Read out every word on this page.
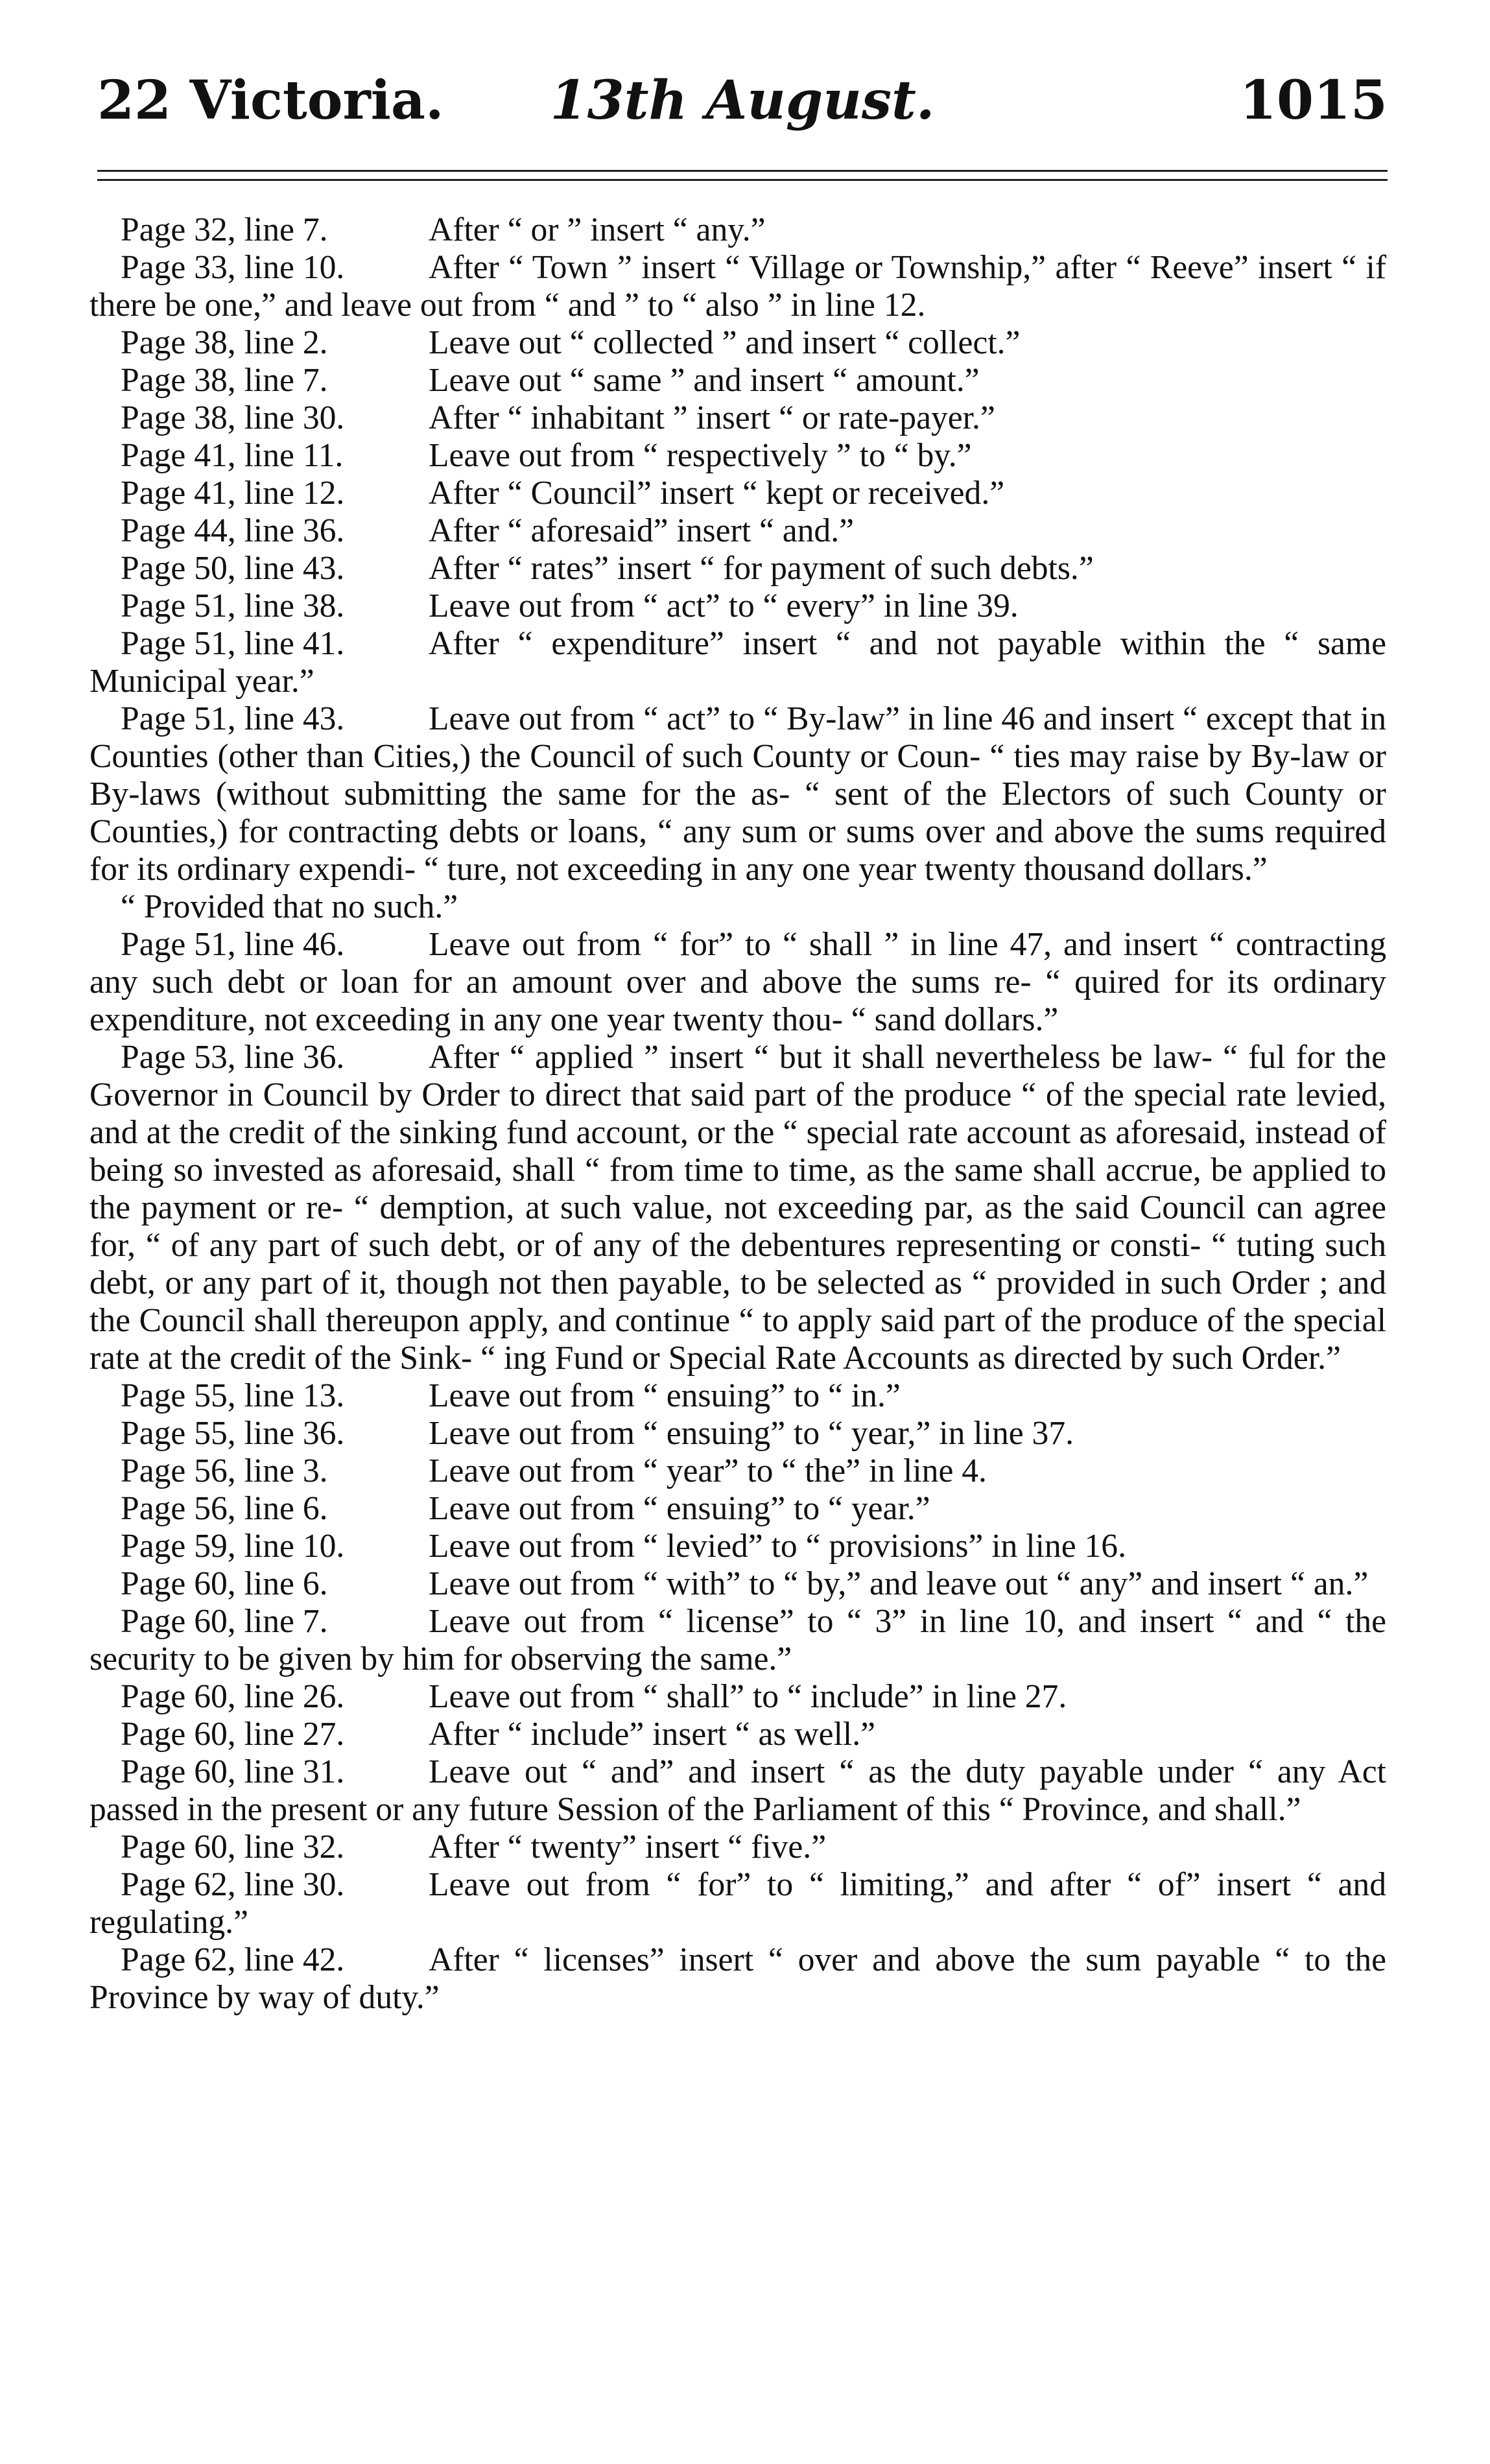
13th August.
22 Victoria.	1015

Page 32, line 7.	After “ or ” insert “ any.”

Page 33, line 10.	After “ Town ” insert “ Village or Township,” after “ Reeve” insert “ if there be one,” and leave out from “ and ” to “ also ” in line 12.

Page 38, line 2.	Leave out “ collected ” and insert “ collect.”

Page 38, line 7.	Leave out “ same ” and insert “ amount.”

Page 38, line 30.	After “ inhabitant ” insert “ or rate-payer.”

Page 41, line 11.	Leave out from “ respectively ” to “ by.”

Page 41, line 12.	After “ Council” insert “ kept or received.”

Page 44, line 36.	After “ aforesaid” insert “ and.”

Page 50, line 43.	After “ rates” insert “ for payment of such debts.”

Page 51, line 38.	Leave out from “ act” to “ every” in line 39.

Page 51, line 41.	After “ expenditure” insert “ and not payable within the “ same Municipal year.”

Page 51, line 43.	Leave out from “ act” to “ By-law” in line 46 and insert “ except that in Counties (other than Cities,) the Council of such County or Coun- “ ties may raise by By-law or By-laws (without submitting the same for the as- “ sent of the Electors of such County or Counties,) for contracting debts or loans, “ any sum or sums over and above the sums required for its ordinary expendi- “ ture, not exceeding in any one year twenty thousand dollars.”

“ Provided that no such.”

Page 51, line 46.	Leave out from “ for” to “ shall ” in line 47, and insert “ contracting any such debt or loan for an amount over and above the sums re- “ quired for its ordinary expenditure, not exceeding in any one year twenty thou- “ sand dollars.”

Page 53, line 36.	After “ applied ” insert “ but it shall nevertheless be law- “ ful for the Governor in Council by Order to direct that said part of the produce “ of the special rate levied, and at the credit of the sinking fund account, or the “ special rate account as aforesaid, instead of being so invested as aforesaid, shall “ from time to time, as the same shall accrue, be applied to the payment or re- “ demption, at such value, not exceeding par, as the said Council can agree for, “ of any part of such debt, or of any of the debentures representing or consti- “ tuting such debt, or any part of it, though not then payable, to be selected as “ provided in such Order ; and the Council shall thereupon apply, and continue “ to apply said part of the produce of the special rate at the credit of the Sink- “ ing Fund or Special Rate Accounts as directed by such Order.”

Page 55, line 13.	Leave out from “ ensuing” to “ in.”

Page 55, line 36.	Leave out from “ ensuing” to “ year,” in line 37.

Page 56, line 3.	Leave out from “ year” to “ the” in line 4.

Page 56, line 6.	Leave out from “ ensuing” to “ year.”

Page 59, line 10.	Leave out from “ levied” to “ provisions” in line 16.

Page 60, line 6.	Leave out from “ with” to “ by,” and leave out “ any” and insert “ an.”

Page 60, line 7.	Leave out from “ license” to “ 3” in line 10, and insert “ and “ the security to be given by him for observing the same.”

Page 60, line 26.	Leave out from “ shall” to “ include” in line 27.

Page 60, line 27.	After “ include” insert “ as well.”

Page 60, line 31.	Leave out “ and” and insert “ as the duty payable under “ any Act passed in the present or any future Session of the Parliament of this “ Province, and shall.”

Page 60, line 32.	After “ twenty” insert “ five.”

Page 62, line 30.	Leave out from “ for” to “ limiting,” and after “ of” insert “ and regulating.”

Page 62, line 42.	After “ licenses” insert “ over and above the sum payable “ to the Province by way of duty.”
